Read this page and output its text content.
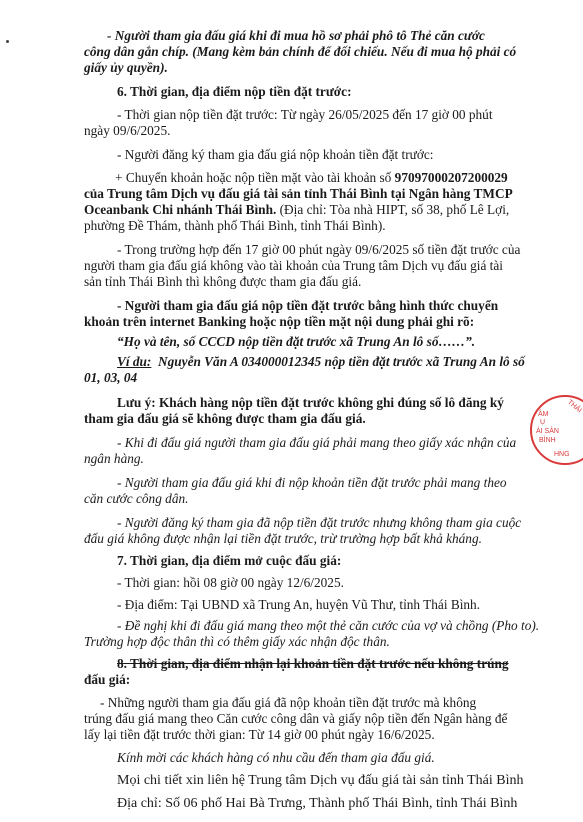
- Người tham gia đấu giá khi đi mua hồ sơ phải phô tô Thẻ căn cước
công dân gắn chíp. (Mang kèm bản chính để đối chiếu. Nếu đi mua hộ phải có
giấy ủy quyền).
6. Thời gian, địa điểm nộp tiền đặt trước:
- Thời gian nộp tiền đặt trước: Từ ngày 26/05/2025 đến 17 giờ 00 phút
ngày 09/6/2025.
- Người đăng ký tham gia đấu giá nộp khoản tiền đặt trước:
+ Chuyển khoản hoặc nộp tiền mặt vào tài khoản số 97097000207200029
của Trung tâm Dịch vụ đấu giá tài sản tỉnh Thái Bình tại Ngân hàng TMCP
Oceanbank Chi nhánh Thái Bình. (Địa chỉ: Tòa nhà HIPT, số 38, phố Lê Lợi,
phường Đề Thám, thành phố Thái Bình, tỉnh Thái Bình).
- Trong trường hợp đến 17 giờ 00 phút ngày 09/6/2025 số tiền đặt trước của
người tham gia đấu giá không vào tài khoản của Trung tâm Dịch vụ đấu giá tài
sản tỉnh Thái Bình thì không được tham gia đấu giá.
- Người tham gia đấu giá nộp tiền đặt trước bằng hình thức chuyển
khoản trên internet Banking hoặc nộp tiền mặt nội dung phải ghi rõ:
“Họ và tên, số CCCD nộp tiền đặt trước xã Trung An lô số……”.
Ví du: Nguyễn Văn A 034000012345 nộp tiền đặt trước xã Trung An lô số
01, 03, 04
Lưu ý: Khách hàng nộp tiền đặt trước không ghi đúng số lô đăng ký
tham gia đấu giá sẽ không được tham gia đấu giá.
- Khi đi đấu giá người tham gia đấu giá phải mang theo giấy xác nhận của
ngân hàng.
- Người tham gia đấu giá khi đi nộp khoản tiền đặt trước phải mang theo
căn cước công dân.
- Người đăng ký tham gia đã nộp tiền đặt trước nhưng không tham gia cuộc
đấu giá không được nhận lại tiền đặt trước, trừ trường hợp bất khả kháng.
7. Thời gian, địa điểm mở cuộc đấu giá:
- Thời gian: hồi 08 giờ 00 ngày 12/6/2025.
- Địa điểm: Tại UBND xã Trung An, huyện Vũ Thư, tỉnh Thái Bình.
- Đề nghị khi đi đấu giá mang theo một thẻ căn cước của vợ và chồng (Pho to).
Trường hợp độc thân thì có thêm giấy xác nhận độc thân.
8. Thời gian, địa điểm nhận lại khoản tiền đặt trước nếu không trúng
đấu giá:
- Những người tham gia đấu giá đã nộp khoản tiền đặt trước mà không
trúng đấu giá mang theo Căn cước công dân và giấy nộp tiền đến Ngân hàng để
lấy lại tiền đặt trước thời gian: Từ 14 giờ 00 phút ngày 16/6/2025.
Kính mời các khách hàng có nhu cầu đến tham gia đấu giá.
Mọi chi tiết xin liên hệ Trung tâm Dịch vụ đấu giá tài sản tỉnh Thái Bình
Địa chỉ: Số 06 phố Hai Bà Trưng, Thành phố Thái Bình, tỉnh Thái Bình
ÂM
Ụ
ÁI SẢN
BÌNH
THÁI
HNG
